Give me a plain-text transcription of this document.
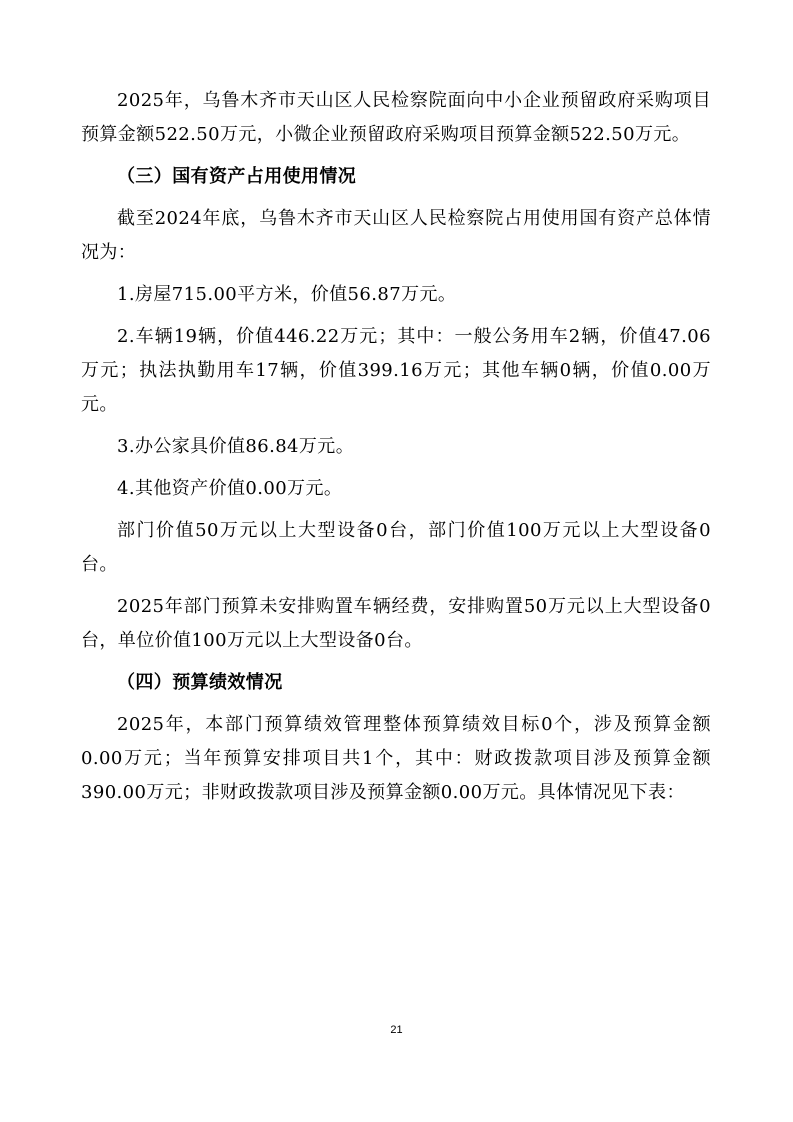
2025年，乌鲁木齐市天山区人民检察院面向中小企业预留政府采购项目预算金额522.50万元，小微企业预留政府采购项目预算金额522.50万元。

（三）国有资产占用使用情况

截至2024年底，乌鲁木齐市天山区人民检察院占用使用国有资产总体情况为：

1.房屋715.00平方米，价值56.87万元。

2.车辆19辆，价值446.22万元；其中：一般公务用车2辆，价值47.06万元；执法执勤用车17辆，价值399.16万元；其他车辆0辆，价值0.00万元。

3.办公家具价值86.84万元。

4.其他资产价值0.00万元。

部门价值50万元以上大型设备0台，部门价值100万元以上大型设备0台。

2025年部门预算未安排购置车辆经费，安排购置50万元以上大型设备0台，单位价值100万元以上大型设备0台。

（四）预算绩效情况

2025年，本部门预算绩效管理整体预算绩效目标0个，涉及预算金额0.00万元；当年预算安排项目共1个，其中：财政拨款项目涉及预算金额390.00万元；非财政拨款项目涉及预算金额0.00万元。具体情况见下表：

21
